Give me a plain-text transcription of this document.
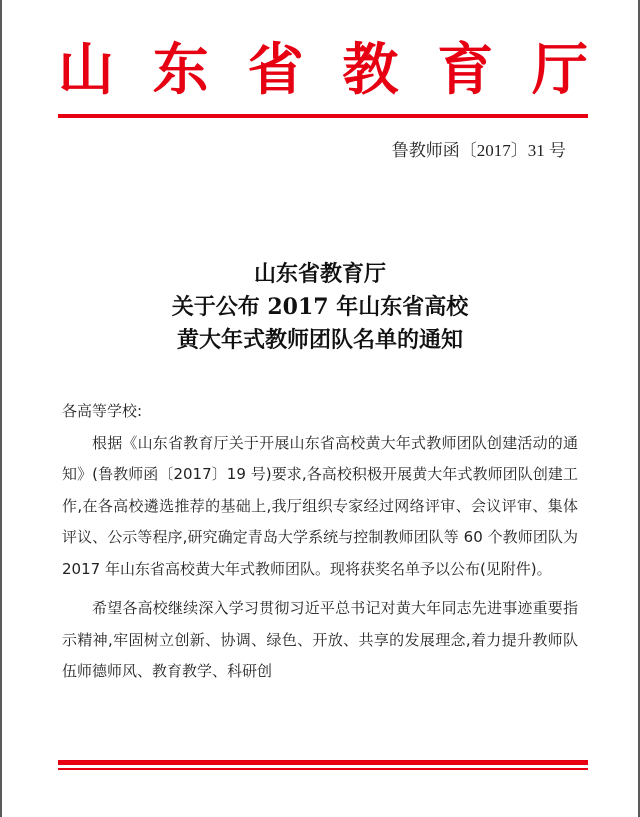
山 东 省 教 育 厅
鲁教师函〔2017〕31 号
山东省教育厅
关于公布 2017 年山东省高校
黄大年式教师团队名单的通知

各高等学校:

根据《山东省教育厅关于开展山东省高校黄大年式教师团队创建活动的通知》(鲁教师函〔2017〕19 号)要求,各高校积极开展黄大年式教师团队创建工作,在各高校遴选推荐的基础上,我厅组织专家经过网络评审、会议评审、集体评议、公示等程序,研究确定青岛大学系统与控制教师团队等 60 个教师团队为 2017 年山东省高校黄大年式教师团队。现将获奖名单予以公布(见附件)。

希望各高校继续深入学习贯彻习近平总书记对黄大年同志先进事迹重要指示精神,牢固树立创新、协调、绿色、开放、共享的发展理念,着力提升教师队伍师德师风、教育教学、科研创
